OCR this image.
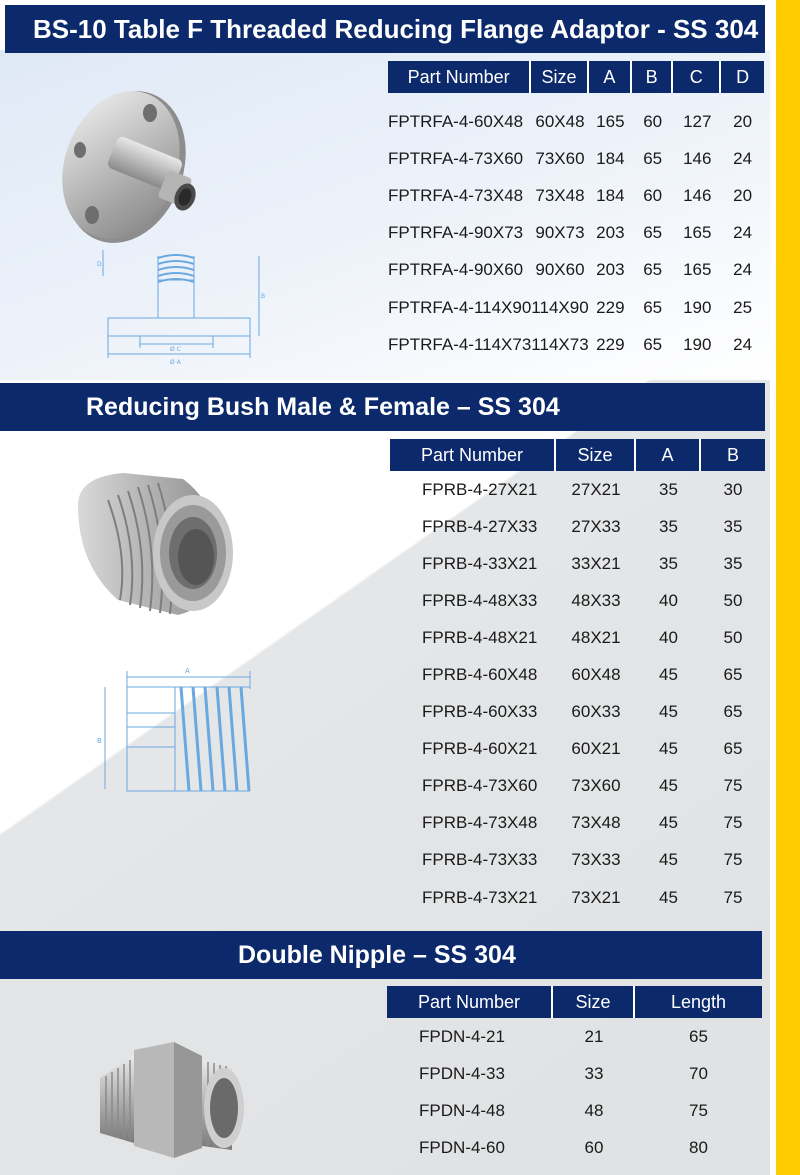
BS-10 Table F Threaded Reducing Flange Adaptor - SS 304
D
B
Ø C
Ø A
Part Number	Size	A	B	C	D
FPTRFA-4-60X48	60X48	165	60	127	20
FPTRFA-4-73X60	73X60	184	65	146	24
FPTRFA-4-73X48	73X48	184	60	146	20
FPTRFA-4-90X73	90X73	203	65	165	24
FPTRFA-4-90X60	90X60	203	65	165	24
FPTRFA-4-114X90	114X90	229	65	190	25
FPTRFA-4-114X73	114X73	229	65	190	24
Reducing Bush Male & Female – SS 304
A
B
Part Number	Size	A	B
FPRB-4-27X21	27X21	35	30
FPRB-4-27X33	27X33	35	35
FPRB-4-33X21	33X21	35	35
FPRB-4-48X33	48X33	40	50
FPRB-4-48X21	48X21	40	50
FPRB-4-60X48	60X48	45	65
FPRB-4-60X33	60X33	45	65
FPRB-4-60X21	60X21	45	65
FPRB-4-73X60	73X60	45	75
FPRB-4-73X48	73X48	45	75
FPRB-4-73X33	73X33	45	75
FPRB-4-73X21	73X21	45	75
Double Nipple – SS 304
Part Number	Size	Length
FPDN-4-21	21	65
FPDN-4-33	33	70
FPDN-4-48	48	75
FPDN-4-60	60	80
